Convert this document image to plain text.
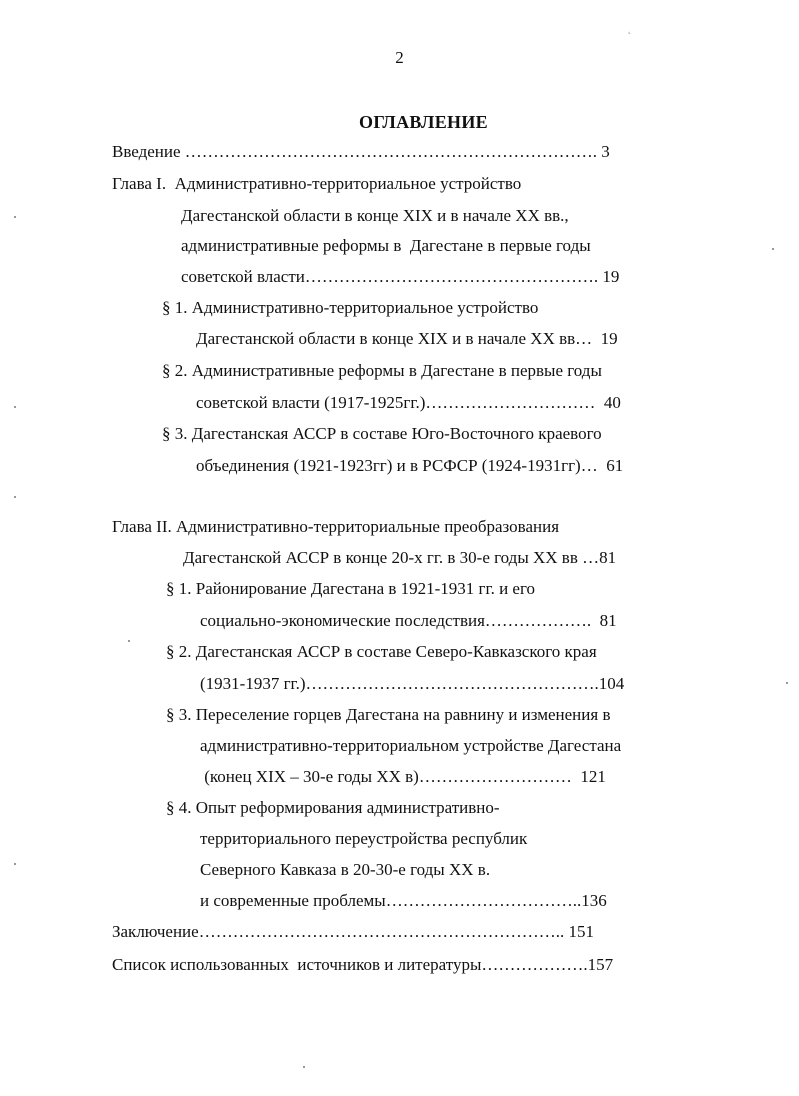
2
ОГЛАВЛЕНИЕ
Введение ………………………………………………………………. 3
Глава I.  Административно-территориальное устройство
Дагестанской области в конце XIX и в начале XX вв.,
административные реформы в  Дагестане в первые годы
советской власти……………………………………………. 19
§ 1. Административно-территориальное устройство
Дагестанской области в конце XIX и в начале XX вв…  19
§ 2. Административные реформы в Дагестане в первые годы
советской власти (1917-1925гг.)…………………………  40
§ 3. Дагестанская АССР в составе Юго-Восточного краевого
объединения (1921-1923гг) и в РСФСР (1924-1931гг)…  61
Глава II. Административно-территориальные преобразования
Дагестанской АССР в конце 20-х гг. в 30-е годы XX вв …81
§ 1. Районирование Дагестана в 1921-1931 гг. и его
социально-экономические последствия……………….  81
§ 2. Дагестанская АССР в составе Северо-Кавказского края
(1931-1937 гг.)…………………………………………….104
§ 3. Переселение горцев Дагестана на равнину и изменения в
административно-территориальном устройстве Дагестана
(конец XIX – 30-е годы XX в)………………………  121
§ 4. Опыт реформирования административно-
территориального переустройства республик
Северного Кавказа в 20-30-е годы XX в.
и современные проблемы……………………………..136
Заключение……………………………………………………….. 151
Список использованных  источников и литературы……………….157
˛
